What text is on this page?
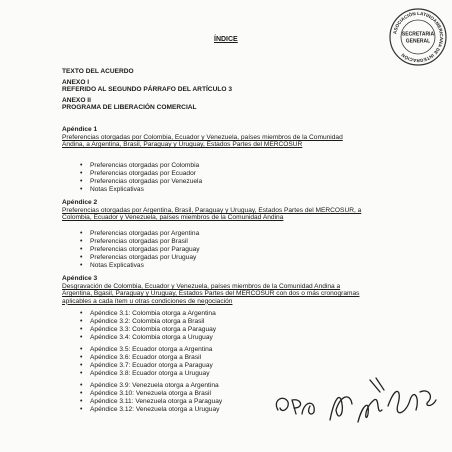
ASOCIACIÓN LATINOAMERICANA DE INTEGRACIÓN
SECRETARIA
GENERAL
ÍNDICE
TEXTO DEL ACUERDO
ANEXO I
REFERIDO AL SEGUNDO PÁRRAFO DEL ARTÍCULO 3
ANEXO II
PROGRAMA DE LIBERACIÓN COMERCIAL
Apéndice 1
Preferencias otorgadas por Colombia, Ecuador y Venezuela, países miembros de la Comunidad Andina, a Argentina, Brasil, Paraguay y Uruguay, Estados Partes del MERCOSUR
• Preferencias otorgadas por Colombia
• Preferencias otorgadas por Ecuador
• Preferencias otorgadas por Venezuela
• Notas Explicativas
Apéndice 2
Preferencias otorgadas por Argentina, Brasil, Paraguay y Uruguay, Estados Partes del MERCOSUR, a Colombia, Ecuador y Venezuela, países miembros de la Comunidad Andina
• Preferencias otorgadas por Argentina
• Preferencias otorgadas por Brasil
• Preferencias otorgadas por Paraguay
• Preferencias otorgadas por Uruguay
• Notas Explicativas
Apéndice 3
Desgravación de Colombia, Ecuador y Venezuela, países miembros de la Comunidad Andina a Argentina, Bgasil, Paraguay y Uruguay, Estados Partes del MERCOSUR con dos o más cronogramas aplicables a cada ítem u otras condiciones de negociación
• Apéndice 3.1: Colombia otorga a Argentina
• Apéndice 3.2: Colombia otorga a Brasil
• Apéndice 3.3: Colombia otorga a Paraguay
• Apéndice 3.4: Colombia otorga a Uruguay
• Apéndice 3.5: Ecuador otorga a Argentina
• Apéndice 3.6: Ecuador otorga a Brasil
• Apéndice 3.7: Ecuador otorga a Paraguay
• Apéndice 3.8: Ecuador otorga a Uruguay
• Apéndice 3.9: Venezuela otorga a Argentina
• Apéndice 3.10: Venezuela otorga a Brasil
• Apéndice 3.11: Venezuela otorga a Paraguay
• Apéndice 3.12: Venezuela otorga a Uruguay
